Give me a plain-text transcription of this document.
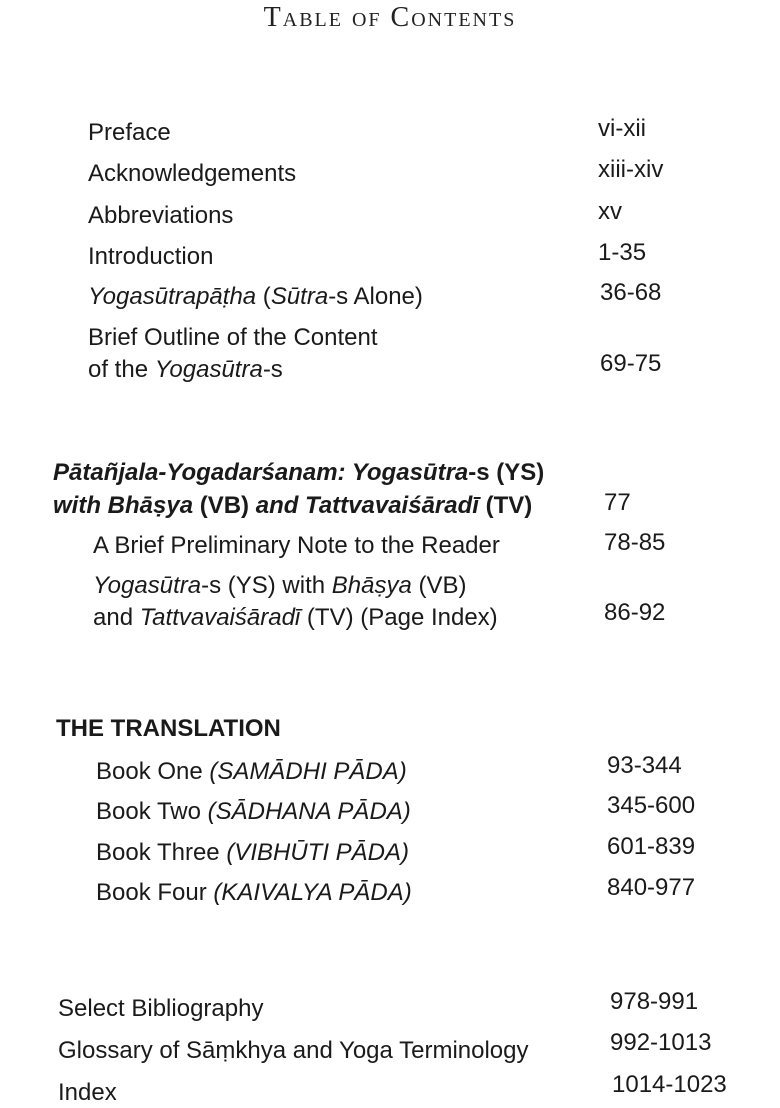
Table of Contents
Preface	vi-xii
Acknowledgements	xiii-xiv
Abbreviations	xv
Introduction	1-35
Yogasūtrapāṭha (Sūtra-s Alone)	36-68
Brief Outline of the Content
of the Yogasūtra-s	69-75
Pātañjala-Yogadarśanam: Yogasūtra-s (YS)
with Bhāṣya (VB) and Tattvavaiśāradī (TV)	77
A Brief Preliminary Note to the Reader	78-85
Yogasūtra-s (YS) with Bhāṣya (VB)
and Tattvavaiśāradī (TV) (Page Index)	86-92
THE TRANSLATION
Book One (SAMĀDHI PĀDA)	93-344
Book Two (SĀDHANA PĀDA)	345-600
Book Three (VIBHŪTI PĀDA)	601-839
Book Four (KAIVALYA PĀDA)	840-977
Select Bibliography	978-991
Glossary of Sāṃkhya and Yoga Terminology	992-1013
Index	1014-1023
